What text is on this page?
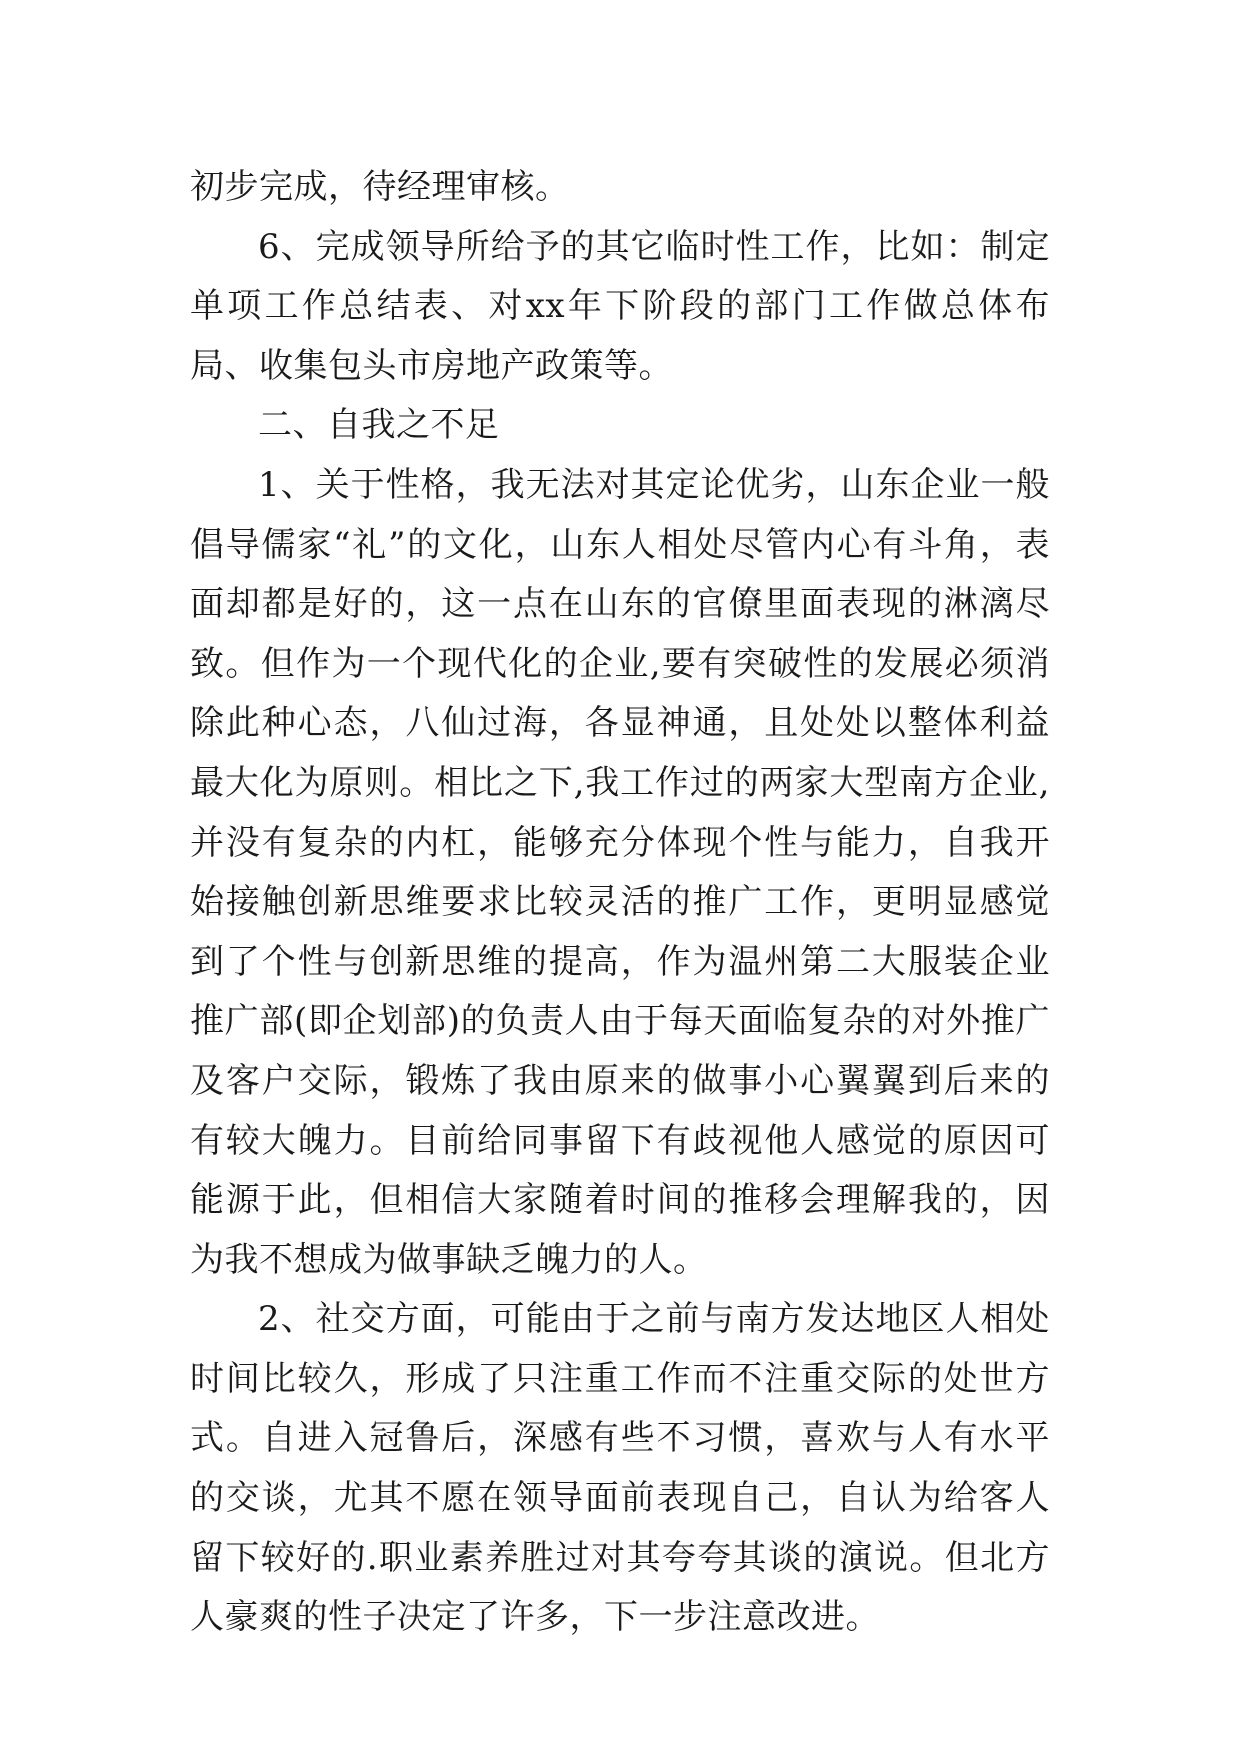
初步完成，待经理审核。

6、完成领导所给予的其它临时性工作，比如：制定单项工作总结表、对xx年下阶段的部门工作做总体布局、收集包头市房地产政策等。

二、自我之不足

1、关于性格，我无法对其定论优劣，山东企业一般倡导儒家“礼”的文化，山东人相处尽管内心有斗角，表面却都是好的，这一点在山东的官僚里面表现的淋漓尽致。但作为一个现代化的企业,要有突破性的发展必须消除此种心态，八仙过海，各显神通，且处处以整体利益最大化为原则。相比之下,我工作过的两家大型南方企业,并没有复杂的内杠，能够充分体现个性与能力，自我开始接触创新思维要求比较灵活的推广工作，更明显感觉到了个性与创新思维的提高，作为温州第二大服装企业推广部(即企划部)的负责人由于每天面临复杂的对外推广及客户交际，锻炼了我由原来的做事小心翼翼到后来的有较大魄力。目前给同事留下有歧视他人感觉的原因可能源于此，但相信大家随着时间的推移会理解我的，因为我不想成为做事缺乏魄力的人。

2、社交方面，可能由于之前与南方发达地区人相处时间比较久，形成了只注重工作而不注重交际的处世方式。自进入冠鲁后，深感有些不习惯，喜欢与人有水平的交谈，尤其不愿在领导面前表现自己，自认为给客人留下较好的.职业素养胜过对其夸夸其谈的演说。但北方人豪爽的性子决定了许多，下一步注意改进。
